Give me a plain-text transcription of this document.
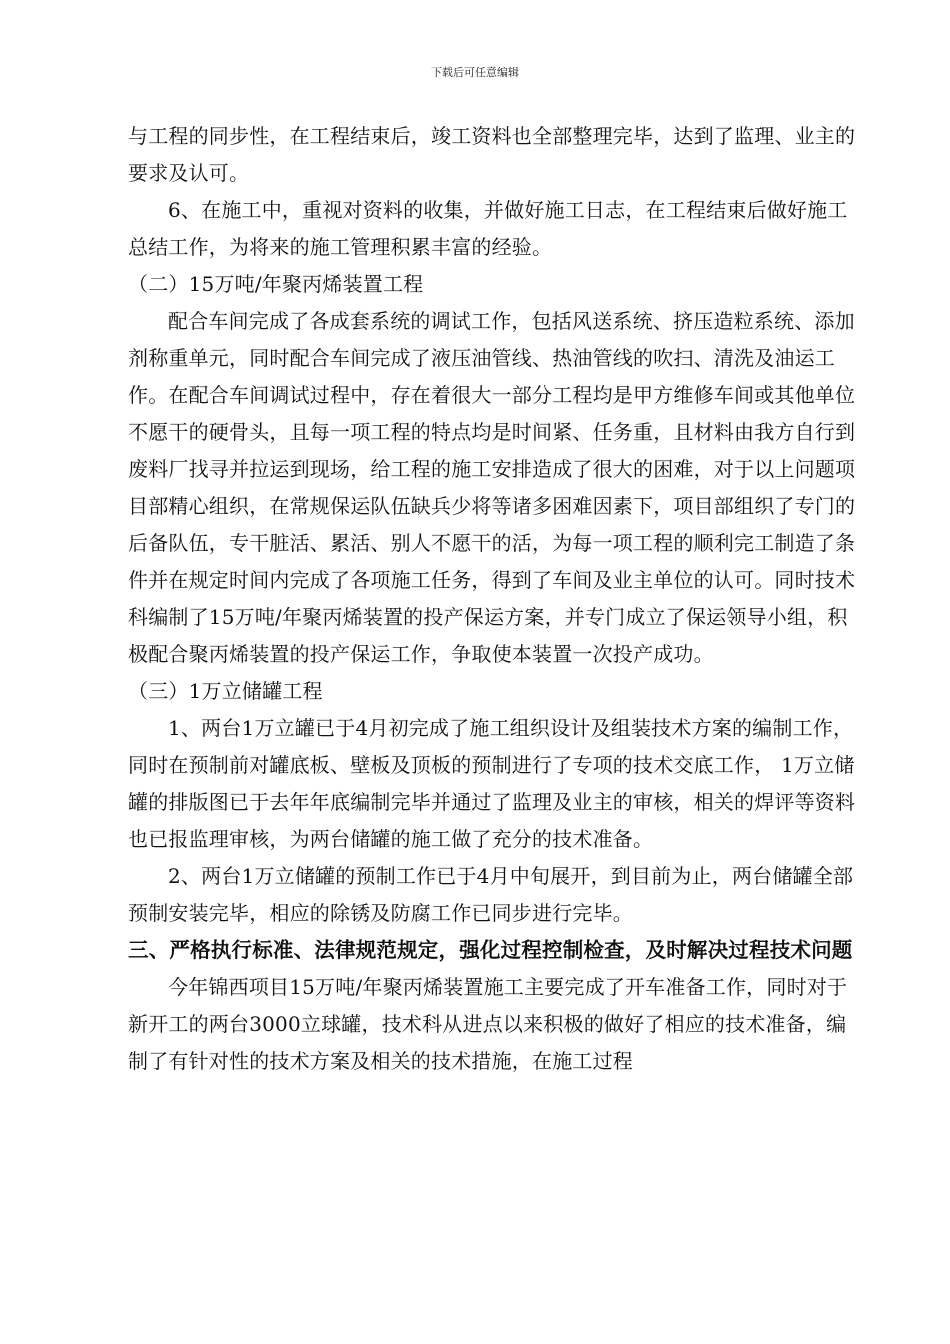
下载后可任意编辑

与工程的同步性，在工程结束后，竣工资料也全部整理完毕，达到了监理、业主的要求及认可。

6、在施工中，重视对资料的收集，并做好施工日志，在工程结束后做好施工总结工作，为将来的施工管理积累丰富的经验。

（二）15万吨/年聚丙烯装置工程

配合车间完成了各成套系统的调试工作，包括风送系统、挤压造粒系统、添加剂称重单元，同时配合车间完成了液压油管线、热油管线的吹扫、清洗及油运工作。在配合车间调试过程中，存在着很大一部分工程均是甲方维修车间或其他单位不愿干的硬骨头，且每一项工程的特点均是时间紧、任务重，且材料由我方自行到废料厂找寻并拉运到现场，给工程的施工安排造成了很大的困难，对于以上问题项目部精心组织，在常规保运队伍缺兵少将等诸多困难因素下，项目部组织了专门的后备队伍，专干脏活、累活、别人不愿干的活，为每一项工程的顺利完工制造了条件并在规定时间内完成了各项施工任务，得到了车间及业主单位的认可。同时技术科编制了15万吨/年聚丙烯装置的投产保运方案，并专门成立了保运领导小组，积极配合聚丙烯装置的投产保运工作，争取使本装置一次投产成功。

（三）1万立储罐工程

1、两台1万立罐已于4月初完成了施工组织设计及组装技术方案的编制工作，同时在预制前对罐底板、壁板及顶板的预制进行了专项的技术交底工作， 1万立储罐的排版图已于去年年底编制完毕并通过了监理及业主的审核，相关的焊评等资料也已报监理审核，为两台储罐的施工做了充分的技术准备。

2、两台1万立储罐的预制工作已于4月中旬展开，到目前为止，两台储罐全部预制安装完毕，相应的除锈及防腐工作已同步进行完毕。

三、严格执行标准、法律规范规定，强化过程控制检查，及时解决过程技术问题

今年锦西项目15万吨/年聚丙烯装置施工主要完成了开车准备工作，同时对于新开工的两台3000立球罐，技术科从进点以来积极的做好了相应的技术准备，编制了有针对性的技术方案及相关的技术措施，在施工过程
